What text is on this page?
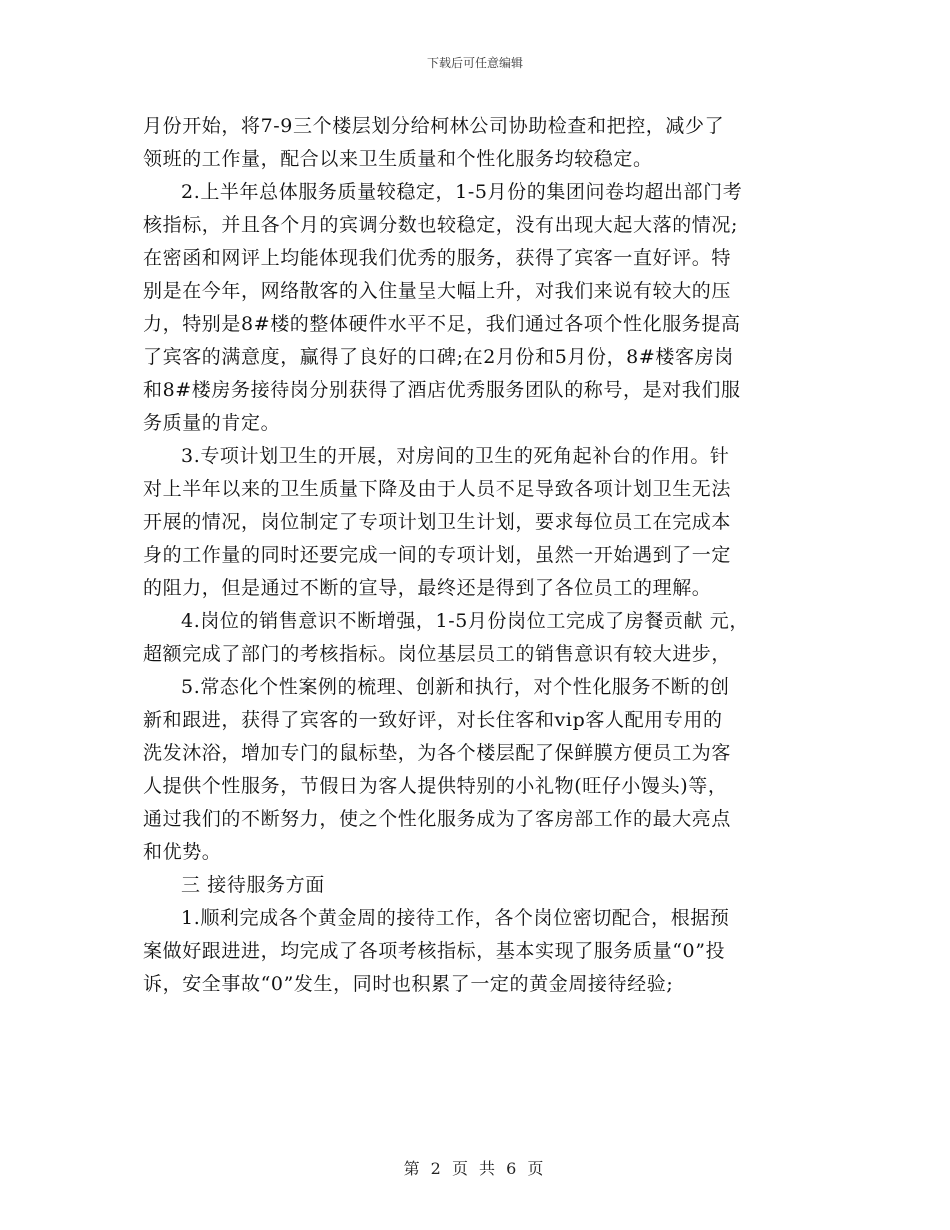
下载后可任意编辑
月份开始，将7-9三个楼层划分给柯林公司协助检查和把控，减少了
领班的工作量，配合以来卫生质量和个性化服务均较稳定。
2.上半年总体服务质量较稳定，1-5月份的集团问卷均超出部门考
核指标，并且各个月的宾调分数也较稳定，没有出现大起大落的情况;
在密函和网评上均能体现我们优秀的服务，获得了宾客一直好评。特
别是在今年，网络散客的入住量呈大幅上升，对我们来说有较大的压
力，特别是8#楼的整体硬件水平不足，我们通过各项个性化服务提高
了宾客的满意度，赢得了良好的口碑;在2月份和5月份，8#楼客房岗
和8#楼房务接待岗分别获得了酒店优秀服务团队的称号，是对我们服
务质量的肯定。
3.专项计划卫生的开展，对房间的卫生的死角起补台的作用。针
对上半年以来的卫生质量下降及由于人员不足导致各项计划卫生无法
开展的情况，岗位制定了专项计划卫生计划，要求每位员工在完成本
身的工作量的同时还要完成一间的专项计划，虽然一开始遇到了一定
的阻力，但是通过不断的宣导，最终还是得到了各位员工的理解。
4.岗位的销售意识不断增强，1-5月份岗位工完成了房餐贡献 元，
超额完成了部门的考核指标。岗位基层员工的销售意识有较大进步，
5.常态化个性案例的梳理、创新和执行，对个性化服务不断的创
新和跟进，获得了宾客的一致好评，对长住客和vip客人配用专用的
洗发沐浴，增加专门的鼠标垫，为各个楼层配了保鲜膜方便员工为客
人提供个性服务，节假日为客人提供特别的小礼物(旺仔小馒头)等，
通过我们的不断努力，使之个性化服务成为了客房部工作的最大亮点
和优势。
三 接待服务方面
1.顺利完成各个黄金周的接待工作，各个岗位密切配合，根据预
案做好跟进进，均完成了各项考核指标，基本实现了服务质量“0”投
诉，安全事故“0”发生，同时也积累了一定的黄金周接待经验;
第 2 页 共 6 页
